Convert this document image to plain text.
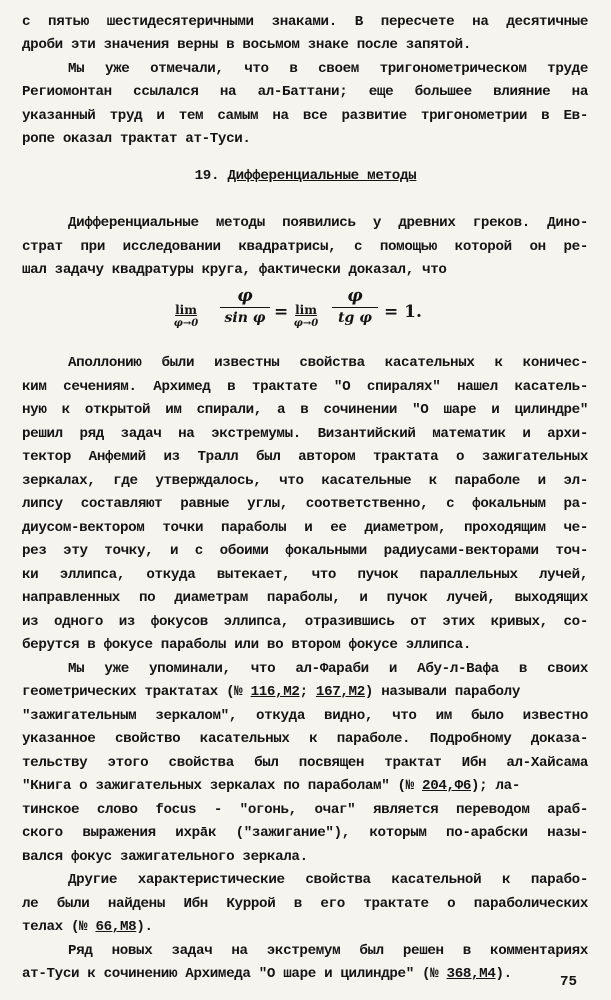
с пятью шестидесятеричными знаками. В пересчете на десятичные
дроби эти значения верны в восьмом знаке после запятой.
Мы уже отмечали, что в своем тригонометрическом труде
Региомонтан ссылался на ал-Баттани; еще большее влияние на
указанный труд и тем самым на все развитие тригонометрии в Ев-
ропе оказал трактат ат-Туси.
19. Дифференциальные методы
Дифференциальные методы появились у древних греков. Дино-
страт при исследовании квадратрисы, с помощью которой он ре-
шал задачу квадратуры круга, фактически доказал, что
lim
φ→0
φ
sin φ = lim
φ→0
φ
tg φ = 1.
Аполлонию были известны свойства касательных к коничес-
ким сечениям. Архимед в трактате "О спиралях" нашел касатель-
ную к открытой им спирали, а в сочинении "О шаре и цилиндре"
решил ряд задач на экстремумы. Византийский математик и архи-
тектор Анфемий из Тралл был автором трактата о зажигательных
зеркалах, где утверждалось, что касательные к параболе и эл-
липсу составляют равные углы, соответственно, с фокальным ра-
диусом-вектором точки параболы и ее диаметром, проходящим че-
рез эту точку, и с обоими фокальными радиусами-векторами точ-
ки эллипса, откуда вытекает, что пучок параллельных лучей,
направленных по диаметрам параболы, и пучок лучей, выходящих
из одного из фокусов эллипса, отразившись от этих кривых, со-
берутся в фокусе параболы или во втором фокусе эллипса.
Мы уже упоминали, что ал-Фараби и Абу-л-Вафа в своих
геометрических трактатах (№ 116,М2; 167,М2) называли параболу
"зажигательным зеркалом", откуда видно, что им было известно
указанное свойство касательных к параболе. Подробному доказа-
тельству этого свойства был посвящен трактат Ибн ал-Хайсама
"Книга о зажигательных зеркалах по параболам" (№ 204,Ф6); ла-
тинское слово focus - "огонь, очаг" является переводом араб-
ского выражения ихрāк ("зажигание"), которым по-арабски назы-
вался фокус зажигательного зеркала.
Другие характеристические свойства касательной к парабо-
ле были найдены Ибн Куррой в его трактате о параболических
телах (№ 66,М8).
Ряд новых задач на экстремум был решен в комментариях
ат-Туси к сочинению Архимеда "О шаре и цилиндре" (№ 368,М4).	75
